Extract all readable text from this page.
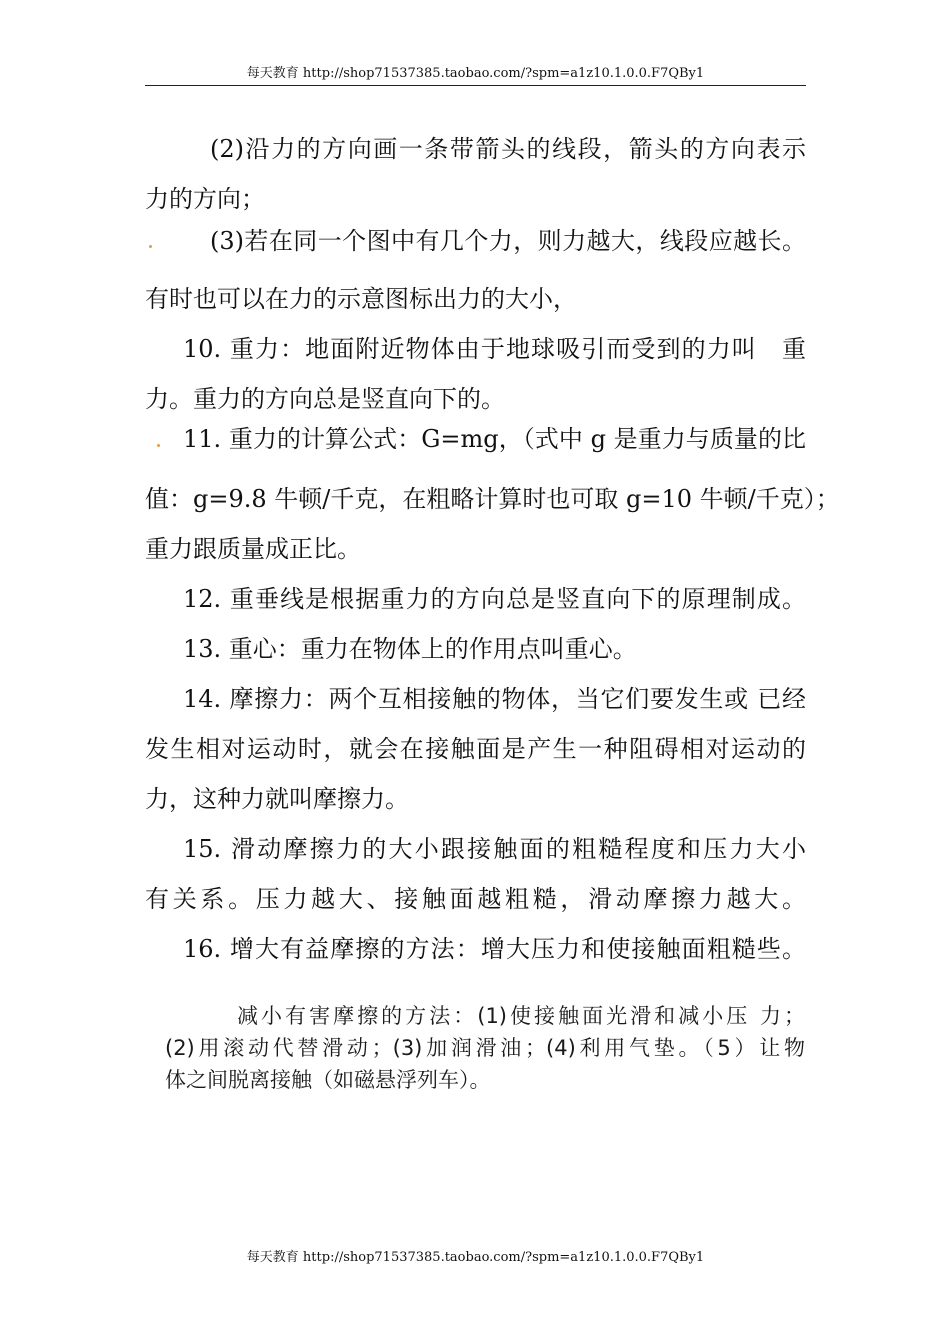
每天教育 http://shop71537385.taobao.com/?spm=a1z10.1.0.0.F7QBy1
(2)沿力的方向画一条带箭头的线段，箭头的方向表示
力的方向；
(3)若在同一个图中有几个力，则力越大，线段应越长。
有时也可以在力的示意图标出力的大小，
10. 重力：地面附近物体由于地球吸引而受到的力叫　重
力。重力的方向总是竖直向下的。
11. 重力的计算公式：G=mg，（式中 g 是重力与质量的比
值：g=9.8 牛顿/千克，在粗略计算时也可取 g=10 牛顿/千克）；
重力跟质量成正比。
12. 重垂线是根据重力的方向总是竖直向下的原理制成。
13. 重心：重力在物体上的作用点叫重心。
14. 摩擦力：两个互相接触的物体，当它们要发生或 已经
发生相对运动时，就会在接触面是产生一种阻碍相对运动的
力，这种力就叫摩擦力。
15. 滑动摩擦力的大小跟接触面的粗糙程度和压力大小
有关系。压力越大、接触面越粗糙，滑动摩擦力越大。
16. 增大有益摩擦的方法：增大压力和使接触面粗糙些。
减小有害摩擦的方法：(1)使接触面光滑和减小压 力；
(2)用滚动代替滑动；(3)加润滑油；(4)利用气垫。（5）让物
体之间脱离接触（如磁悬浮列车）。
每天教育 http://shop71537385.taobao.com/?spm=a1z10.1.0.0.F7QBy1
